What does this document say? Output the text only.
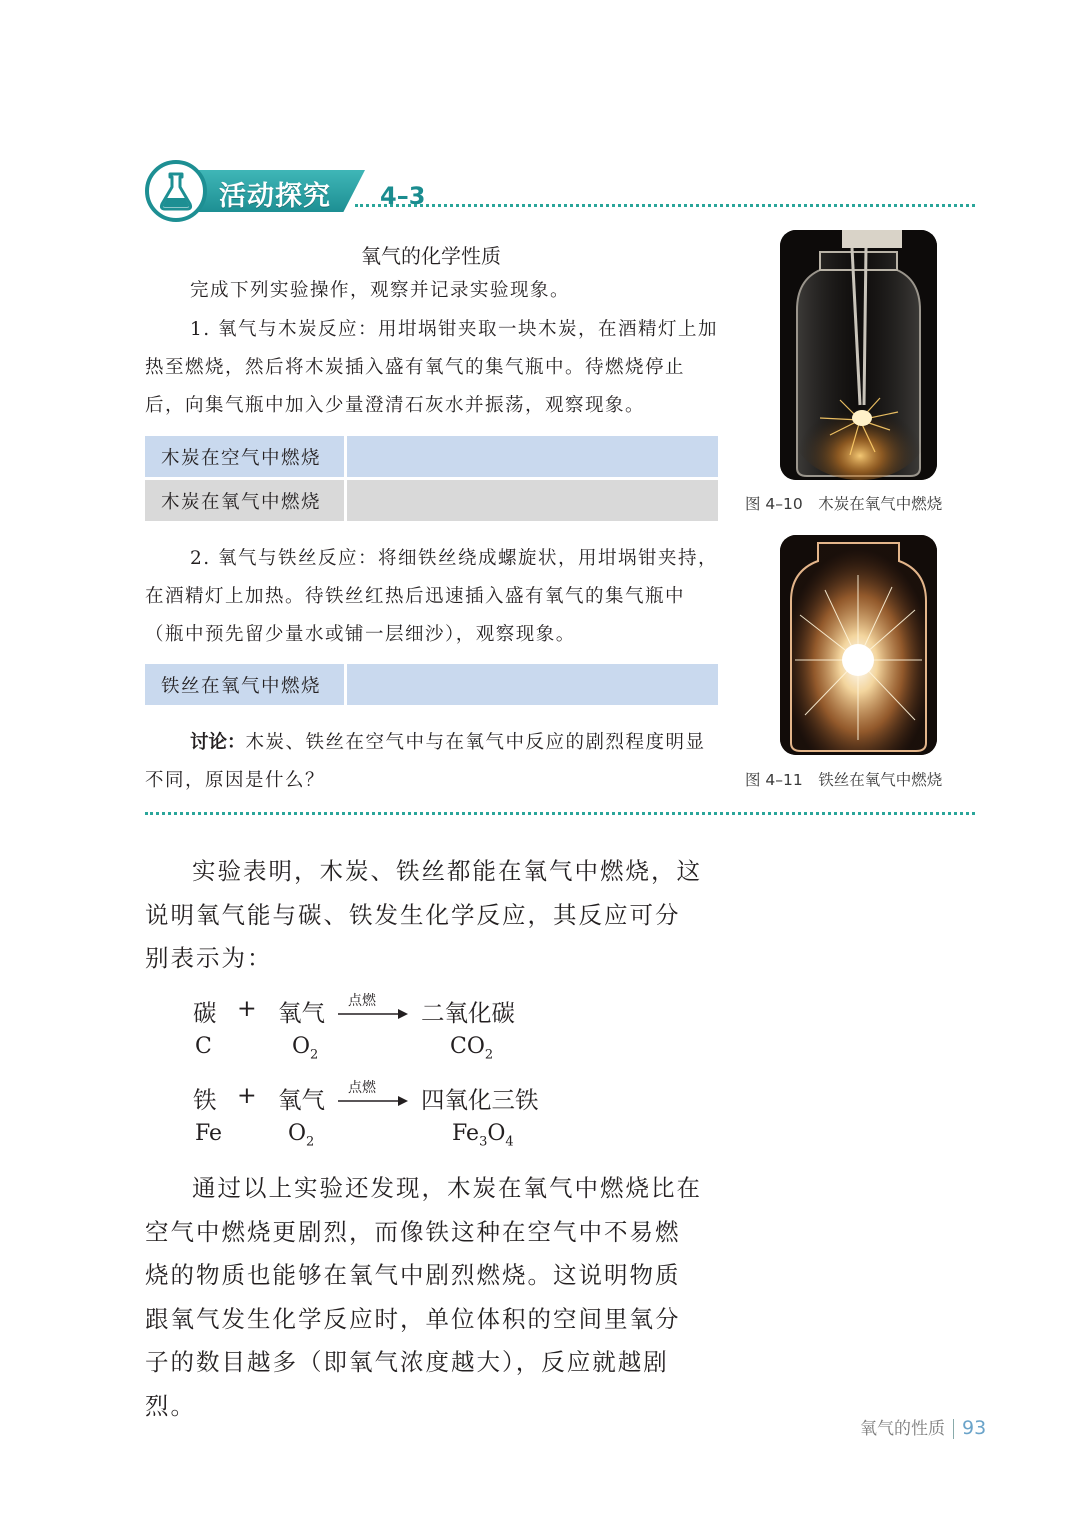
活动探究 4–3
氧气的化学性质
完成下列实验操作，观察并记录实验现象。
1. 氧气与木炭反应：用坩埚钳夹取一块木炭，在酒精灯上加热至燃烧，然后将木炭插入盛有氧气的集气瓶中。待燃烧停止后，向集气瓶中加入少量澄清石灰水并振荡，观察现象。
木炭在空气中燃烧	
木炭在氧气中燃烧	
2. 氧气与铁丝反应：将细铁丝绕成螺旋状，用坩埚钳夹持，在酒精灯上加热。待铁丝红热后迅速插入盛有氧气的集气瓶中（瓶中预先留少量水或铺一层细沙），观察现象。
铁丝在氧气中燃烧	
讨论：木炭、铁丝在空气中与在氧气中反应的剧烈程度明显不同，原因是什么？
图 4–10　木炭在氧气中燃烧
图 4–11　铁丝在氧气中燃烧
实验表明，木炭、铁丝都能在氧气中燃烧，这说明氧气能与碳、铁发生化学反应，其反应可分别表示为：
碳 + 氧气 点燃 二氧化碳
C	$O_2$	$CO_2$
铁 + 氧气 点燃 四氧化三铁
Fe	$O_2$	$Fe_3O_4$
通过以上实验还发现，木炭在氧气中燃烧比在空气中燃烧更剧烈，而像铁这种在空气中不易燃烧的物质也能够在氧气中剧烈燃烧。这说明物质跟氧气发生化学反应时，单位体积的空间里氧分子的数目越多（即氧气浓度越大），反应就越剧烈。
氧气的性质 93
